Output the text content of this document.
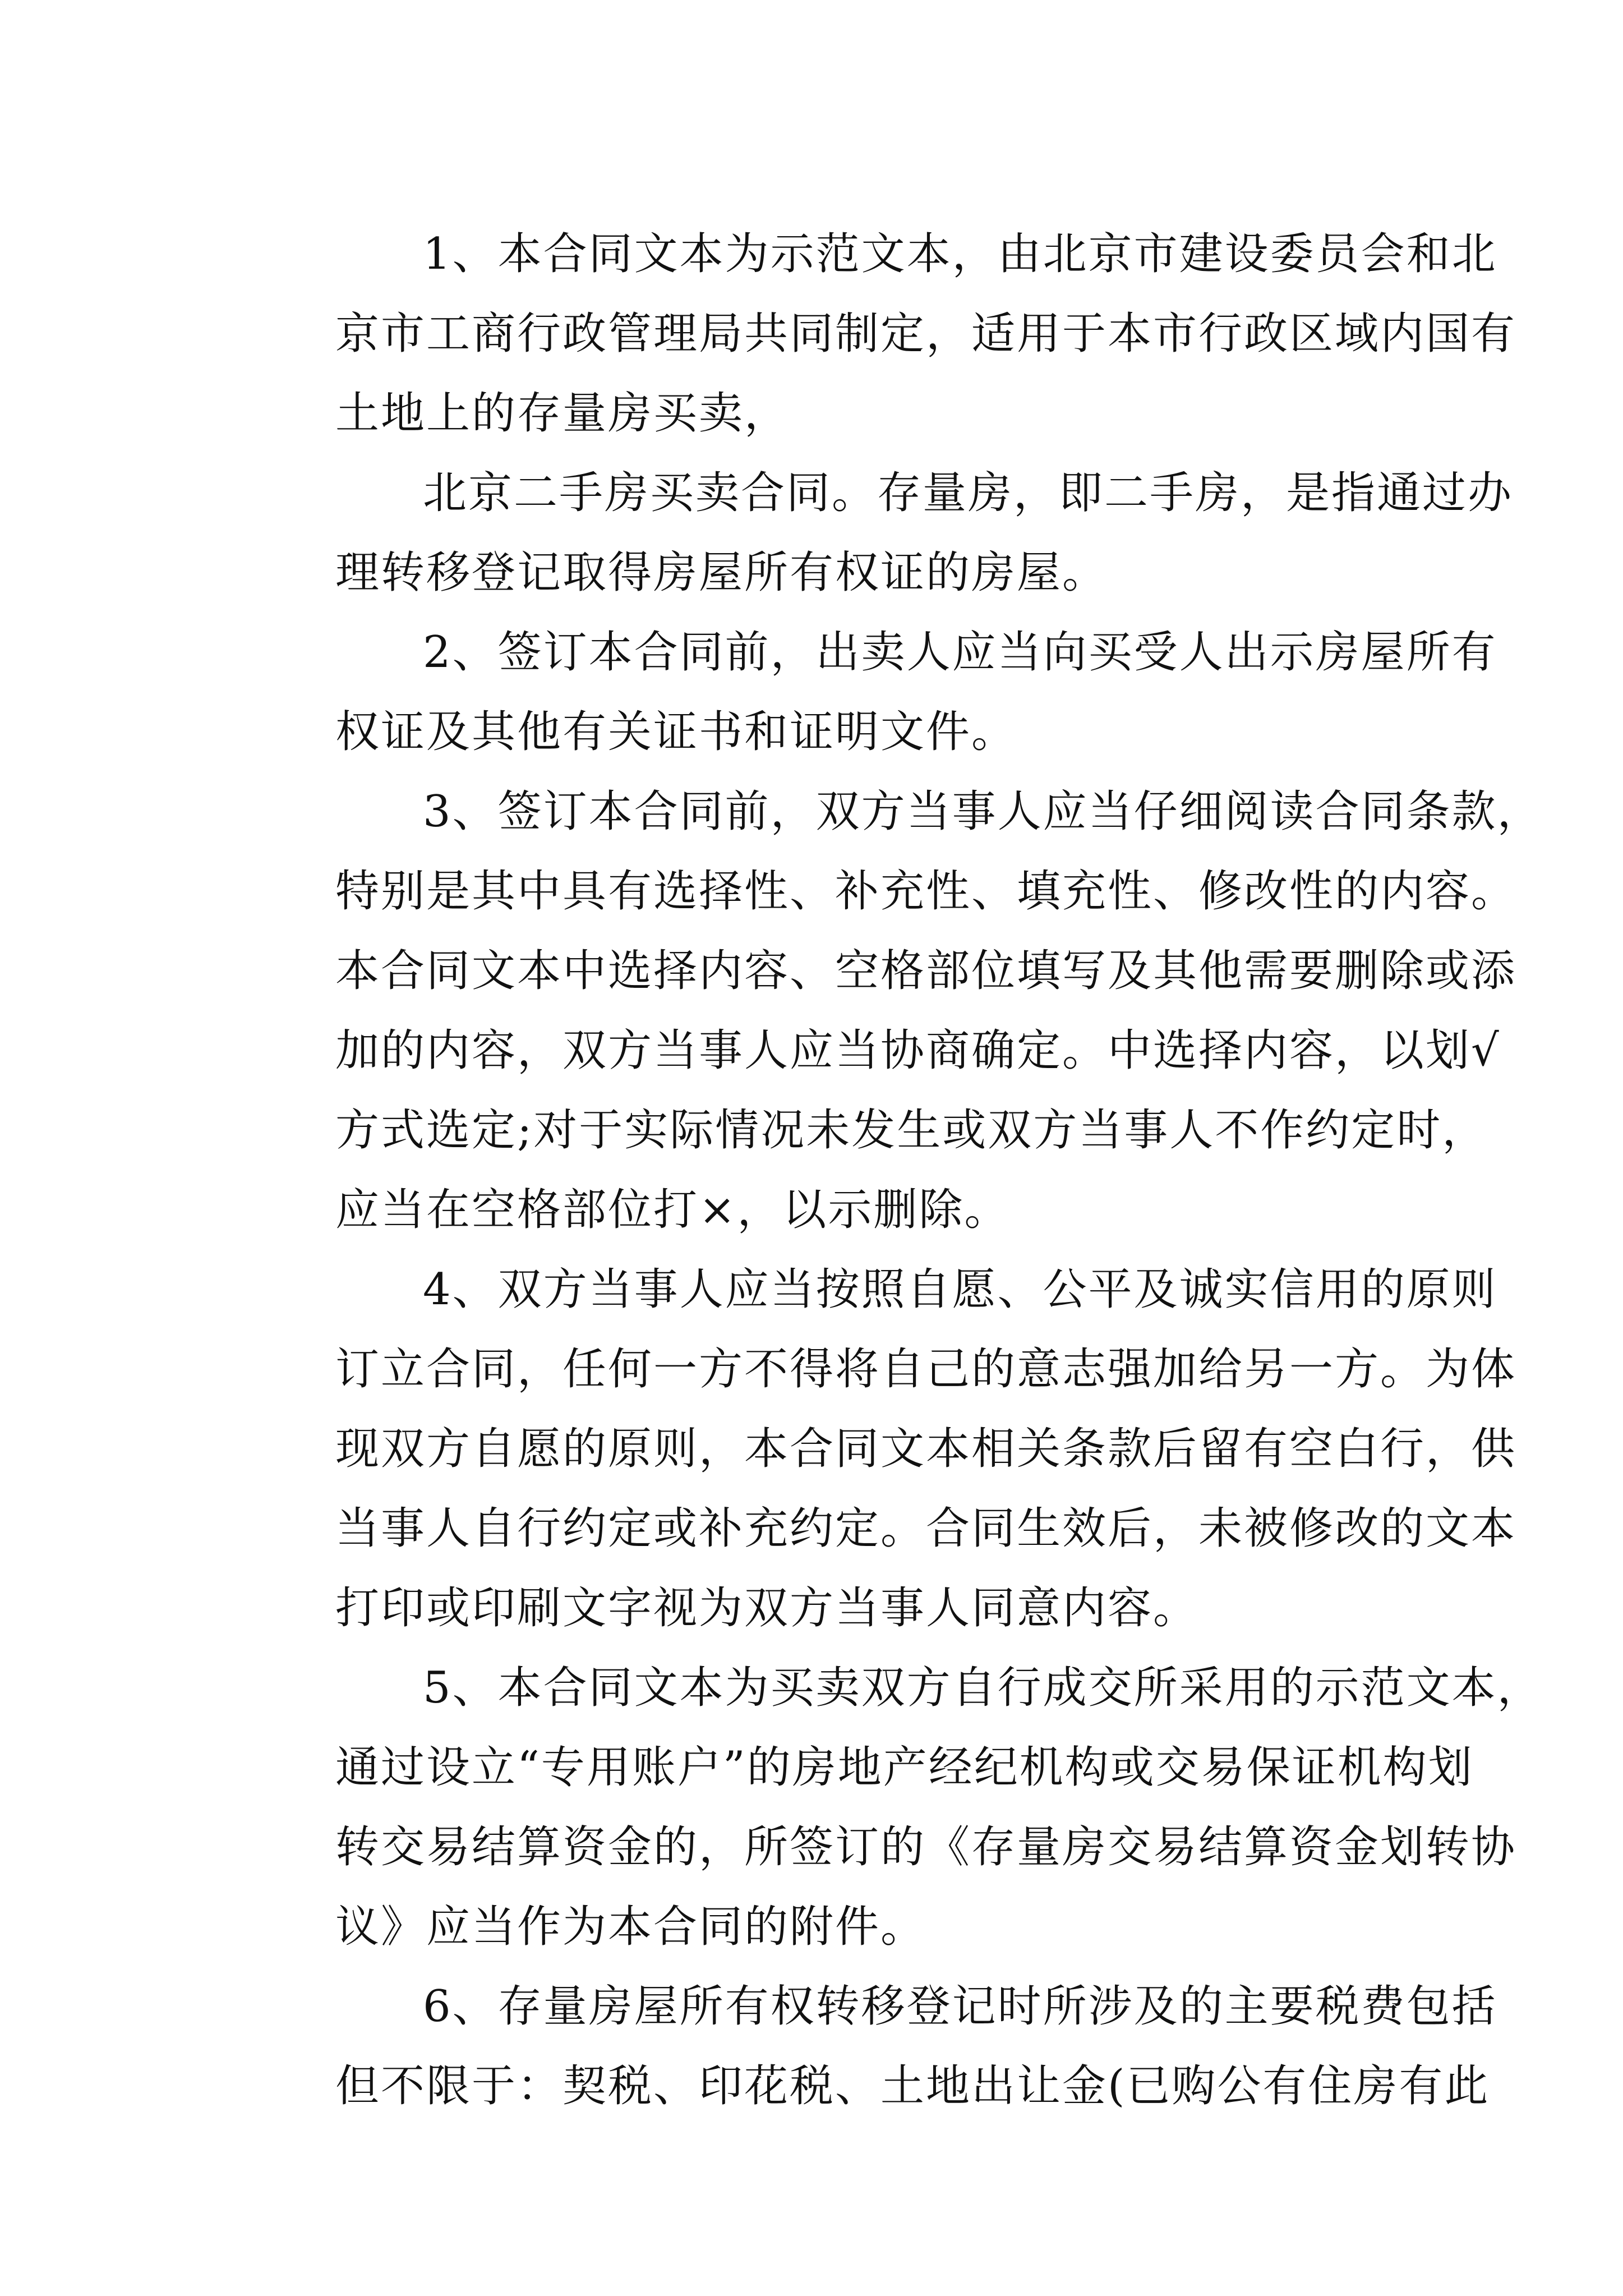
1、本合同文本为示范文本，由北京市建设委员会和北
京市工商行政管理局共同制定，适用于本市行政区域内国有
土地上的存量房买卖，
北京二手房买卖合同。存量房，即二手房，是指通过办
理转移登记取得房屋所有权证的房屋。
2、签订本合同前，出卖人应当向买受人出示房屋所有
权证及其他有关证书和证明文件。
3、签订本合同前，双方当事人应当仔细阅读合同条款，
特别是其中具有选择性、补充性、填充性、修改性的内容。
本合同文本中选择内容、空格部位填写及其他需要删除或添
加的内容，双方当事人应当协商确定。中选择内容，以划√
方式选定;对于实际情况未发生或双方当事人不作约定时，
应当在空格部位打×，以示删除。
4、双方当事人应当按照自愿、公平及诚实信用的原则
订立合同，任何一方不得将自己的意志强加给另一方。为体
现双方自愿的原则，本合同文本相关条款后留有空白行，供
当事人自行约定或补充约定。合同生效后，未被修改的文本
打印或印刷文字视为双方当事人同意内容。
5、本合同文本为买卖双方自行成交所采用的示范文本，
通过设立“专用账户”的房地产经纪机构或交易保证机构划
转交易结算资金的，所签订的《存量房交易结算资金划转协
议》应当作为本合同的附件。
6、存量房屋所有权转移登记时所涉及的主要税费包括
但不限于：契税、印花税、土地出让金(已购公有住房有此
